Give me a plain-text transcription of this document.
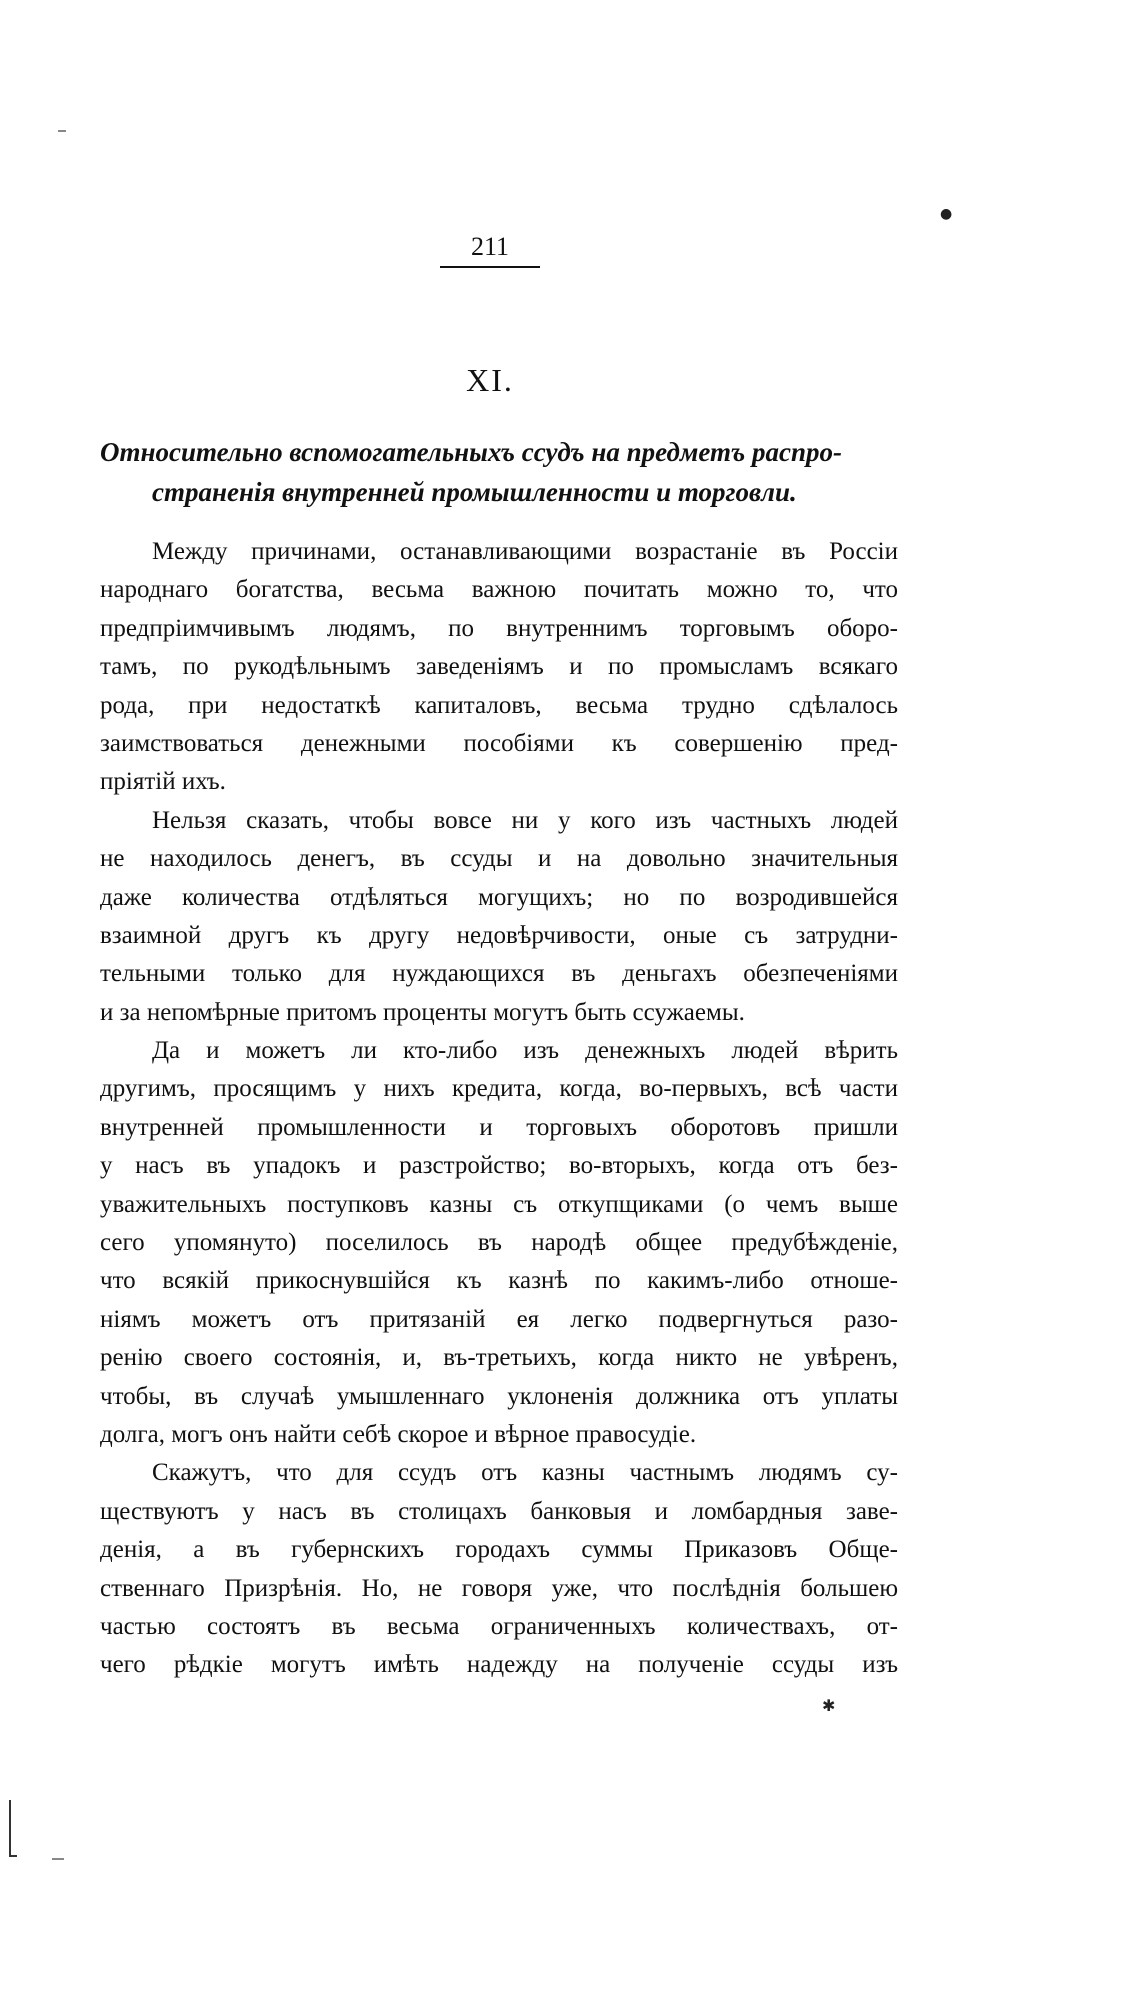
211
XI.
Относительно вспомогательныхъ ссудъ на предметъ распро-
страненія внутренней промышленности и торговли.
Между причинами, останавливающими возрастаніе въ Россіи
народнаго богатства, весьма важною почитать можно то, что
предпріимчивымъ людямъ, по внутреннимъ торговымъ оборо-
тамъ, по рукодѣльнымъ заведеніямъ и по промысламъ всякаго
рода, при недостаткѣ капиталовъ, весьма трудно сдѣлалось
заимствоваться денежными пособіями къ совершенію пред-
пріятій ихъ.
Нельзя сказать, чтобы вовсе ни у кого изъ частныхъ людей
не находилось денегъ, въ ссуды и на довольно значительныя
даже количества отдѣляться могущихъ; но по возродившейся
взаимной другъ къ другу недовѣрчивости, оные съ затрудни-
тельными только для нуждающихся въ деньгахъ обезпеченіями
и за непомѣрные притомъ проценты могутъ быть ссужаемы.
Да и можетъ ли кто-либо изъ денежныхъ людей вѣрить
другимъ, просящимъ у нихъ кредита, когда, во-первыхъ, всѣ части
внутренней промышленности и торговыхъ оборотовъ пришли
у насъ въ упадокъ и разстройство; во-вторыхъ, когда отъ без-
уважительныхъ поступковъ казны съ откупщиками (о чемъ выше
сего упомянуто) поселилось въ народѣ общее предубѣжденіе,
что всякій прикоснувшійся къ казнѣ по какимъ-либо отноше-
ніямъ можетъ отъ притязаній ея легко подвергнуться разо-
ренію своего состоянія, и, въ-третьихъ, когда никто не увѣренъ,
чтобы, въ случаѣ умышленнаго уклоненія должника отъ уплаты
долга, могъ онъ найти себѣ скорое и вѣрное правосудіе.
Скажутъ, что для ссудъ отъ казны частнымъ людямъ су-
ществуютъ у насъ въ столицахъ банковыя и ломбардныя заве-
денія, а въ губернскихъ городахъ суммы Приказовъ Обще-
ственнаго Призрѣнія. Но, не говоря уже, что послѣднія большею
частью состоятъ въ весьма ограниченныхъ количествахъ, от-
чего рѣдкіе могутъ имѣть надежду на полученіе ссуды изъ
●
✱
